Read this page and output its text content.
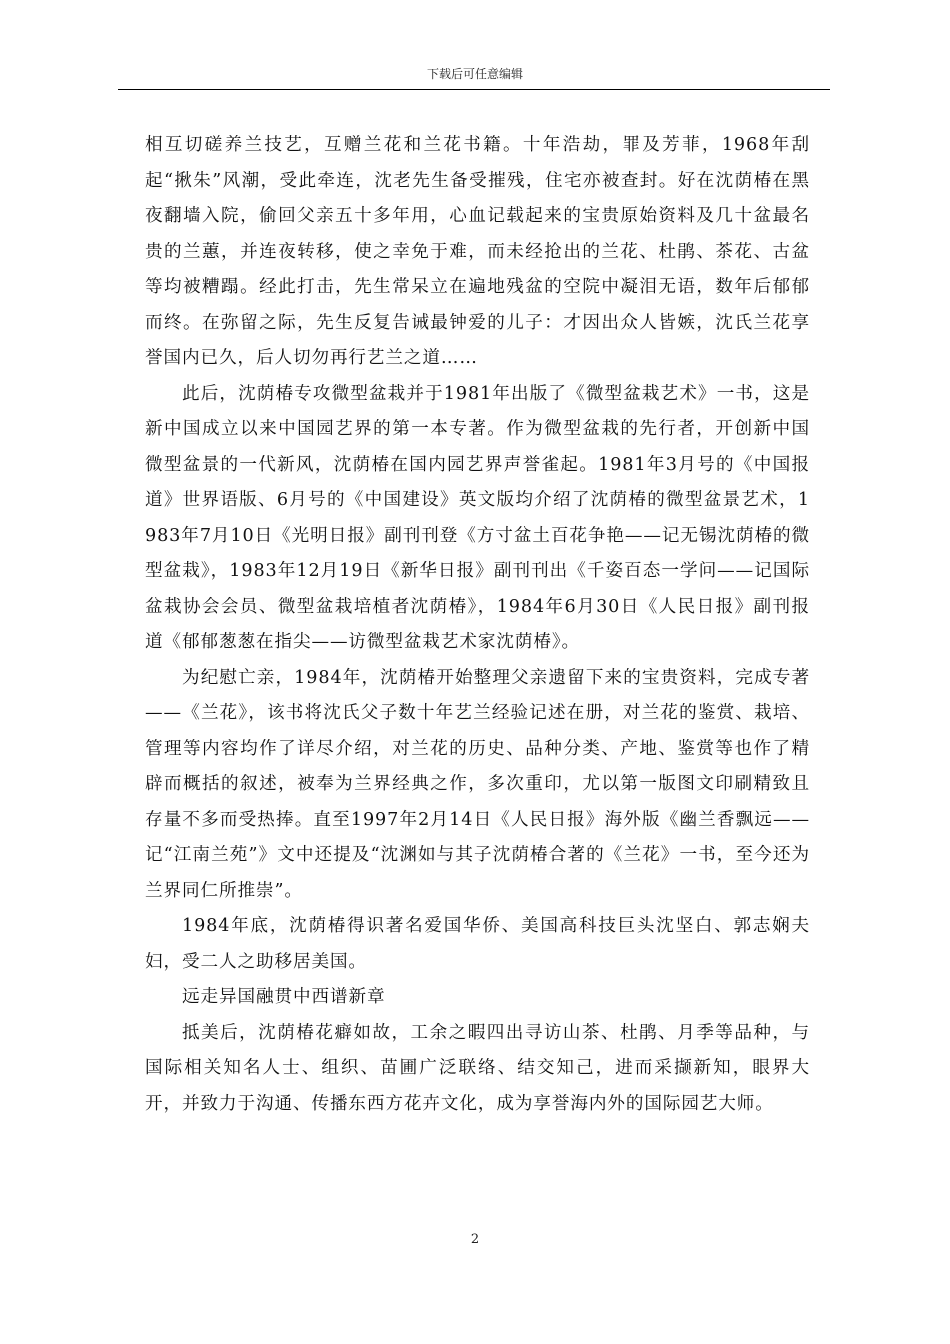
下载后可任意编辑

相互切磋养兰技艺，互赠兰花和兰花书籍。十年浩劫，罪及芳菲，1968年刮起“揪朱”风潮，受此牵连，沈老先生备受摧残，住宅亦被查封。好在沈荫椿在黑夜翻墙入院，偷回父亲五十多年用，心血记载起来的宝贵原始资料及几十盆最名贵的兰蕙，并连夜转移，使之幸免于难，而未经抢出的兰花、杜鹃、茶花、古盆等均被糟蹋。经此打击，先生常呆立在遍地残盆的空院中凝泪无语，数年后郁郁而终。在弥留之际，先生反复告诫最钟爱的儿子：才因出众人皆嫉，沈氏兰花享誉国内已久，后人切勿再行艺兰之道……

此后，沈荫椿专攻微型盆栽并于1981年出版了《微型盆栽艺术》一书，这是新中国成立以来中国园艺界的第一本专著。作为微型盆栽的先行者，开创新中国微型盆景的一代新风，沈荫椿在国内园艺界声誉雀起。1981年3月号的《中国报道》世界语版、6月号的《中国建设》英文版均介绍了沈荫椿的微型盆景艺术，1983年7月10日《光明日报》副刊刊登《方寸盆土百花争艳——记无锡沈荫椿的微型盆栽》，1983年12月19日《新华日报》副刊刊出《千姿百态一学问——记国际盆栽协会会员、微型盆栽培植者沈荫椿》，1984年6月30日《人民日报》副刊报道《郁郁葱葱在指尖——访微型盆栽艺术家沈荫椿》。

为纪慰亡亲，1984年，沈荫椿开始整理父亲遗留下来的宝贵资料，完成专著——《兰花》，该书将沈氏父子数十年艺兰经验记述在册，对兰花的鉴赏、栽培、管理等内容均作了详尽介绍，对兰花的历史、品种分类、产地、鉴赏等也作了精辟而概括的叙述，被奉为兰界经典之作，多次重印，尤以第一版图文印刷精致且存量不多而受热捧。直至1997年2月14日《人民日报》海外版《幽兰香飘远——记“江南兰苑”》文中还提及“沈渊如与其子沈荫椿合著的《兰花》一书，至今还为兰界同仁所推崇”。

1984年底，沈荫椿得识著名爱国华侨、美国高科技巨头沈坚白、郭志娴夫妇，受二人之助移居美国。

远走异国融贯中西谱新章

抵美后，沈荫椿花癖如故，工余之暇四出寻访山茶、杜鹃、月季等品种，与国际相关知名人士、组织、苗圃广泛联络、结交知己，进而采撷新知，眼界大开，并致力于沟通、传播东西方花卉文化，成为享誉海内外的国际园艺大师。

2
